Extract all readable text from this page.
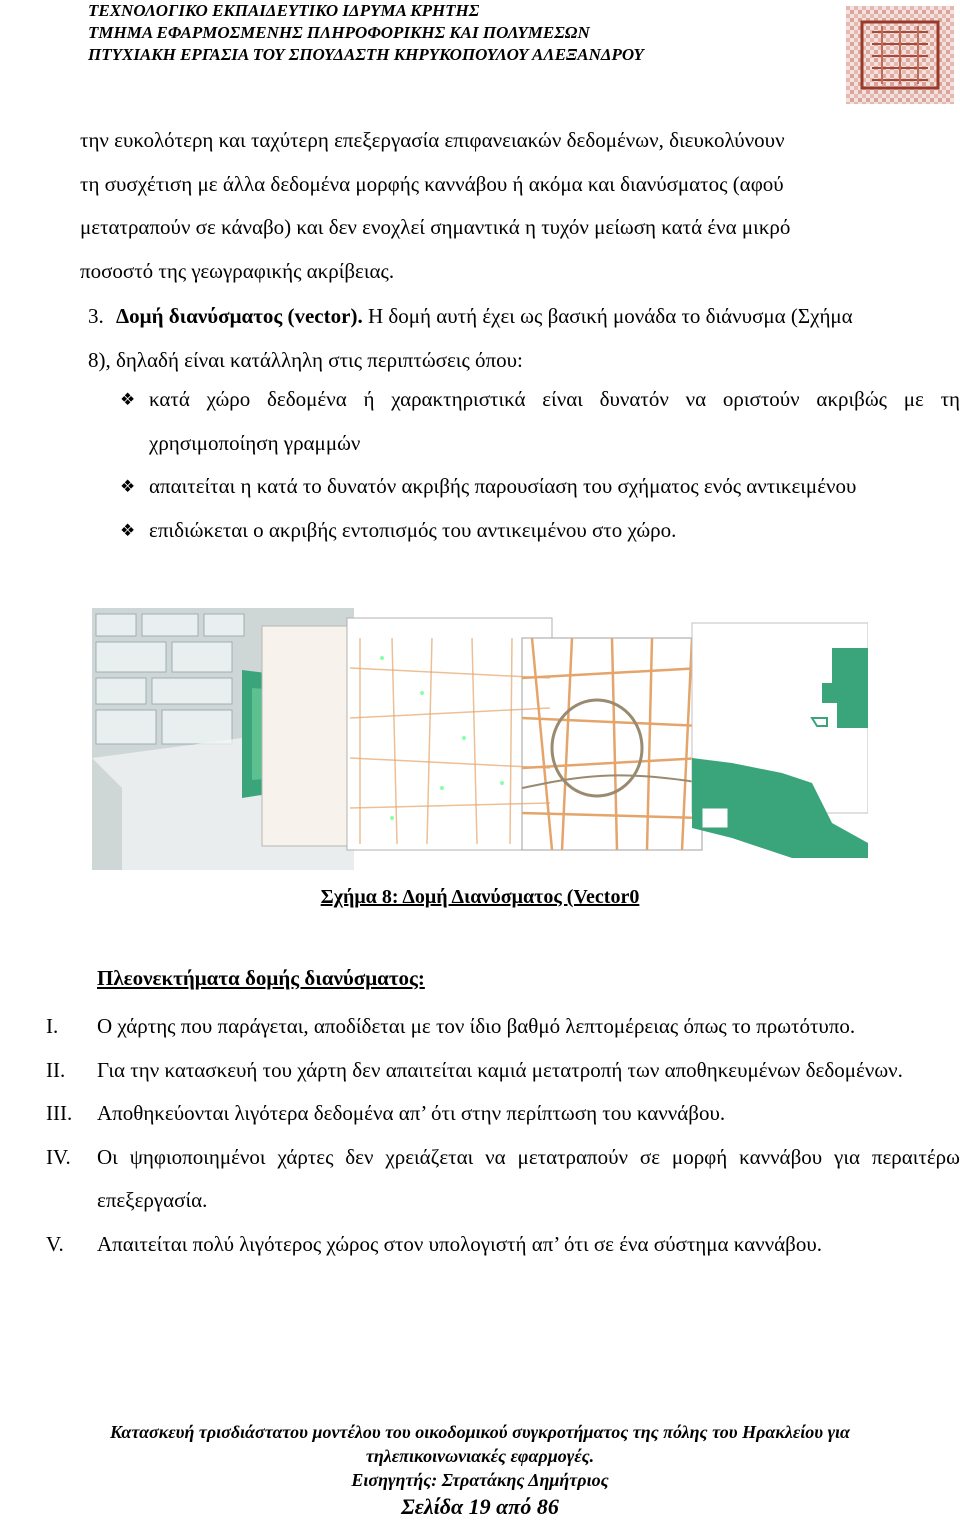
ΤΕΧΝΟΛΟΓΙΚΟ ΕΚΠΑΙΔΕΥΤΙΚΟ ΙΔΡΥΜΑ ΚΡΗΤΗΣ
ΤΜΗΜΑ ΕΦΑΡΜΟΣΜΕΝΗΣ ΠΛΗΡΟΦΟΡΙΚΗΣ ΚΑΙ ΠΟΛΥΜΕΣΩΝ
ΠΤΥΧΙΑΚΗ ΕΡΓΑΣΙΑ ΤΟΥ ΣΠΟΥΔΑΣΤΗ ΚΗΡΥΚΟΠΟΥΛΟΥ ΑΛΕΞΑΝΔΡΟΥ
την ευκολότερη και ταχύτερη επεξεργασία επιφανειακών δεδομένων, διευκολύνουν
τη συσχέτιση με άλλα δεδομένα μορφής καννάβου ή ακόμα και διανύσματος (αφού
μετατραπούν σε κάναβο) και δεν ενοχλεί σημαντικά η τυχόν μείωση κατά ένα μικρό
ποσοστό της γεωγραφικής ακρίβειας.
3. Δομή διανύσματος (vector). Η δομή αυτή έχει ως βασική μονάδα το διάνυσμα (Σχήμα
8), δηλαδή είναι κατάλληλη στις περιπτώσεις όπου:
❖ κατά χώρο δεδομένα ή χαρακτηριστικά είναι δυνατόν να οριστούν ακριβώς με τη χρησιμοποίηση γραμμών
❖ απαιτείται η κατά το δυνατόν ακριβής παρουσίαση του σχήματος ενός αντικειμένου
❖ επιδιώκεται ο ακριβής εντοπισμός του αντικειμένου στο χώρο.
Σχήμα 8: Δομή Διανύσματος (Vector0
Πλεονεκτήματα δομής διανύσματος:
I. Ο χάρτης που παράγεται, αποδίδεται με τον ίδιο βαθμό λεπτομέρειας όπως το πρωτότυπο.
II. Για την κατασκευή του χάρτη δεν απαιτείται καμιά μετατροπή των αποθηκευμένων δεδομένων.
III. Αποθηκεύονται λιγότερα δεδομένα απ’ ότι στην περίπτωση του καννάβου.
IV. Οι ψηφιοποιημένοι χάρτες δεν χρειάζεται να μετατραπούν σε μορφή καννάβου για περαιτέρω επεξεργασία.
V. Απαιτείται πολύ λιγότερος χώρος στον υπολογιστή απ’ ότι σε ένα σύστημα καννάβου.
Κατασκευή τρισδιάστατου μοντέλου του οικοδομικού συγκροτήματος της πόλης του Ηρακλείου για
τηλεπικοινωνιακές εφαρμογές.
Εισηγητής: Στρατάκης Δημήτριος
Σελίδα 19 από 86
